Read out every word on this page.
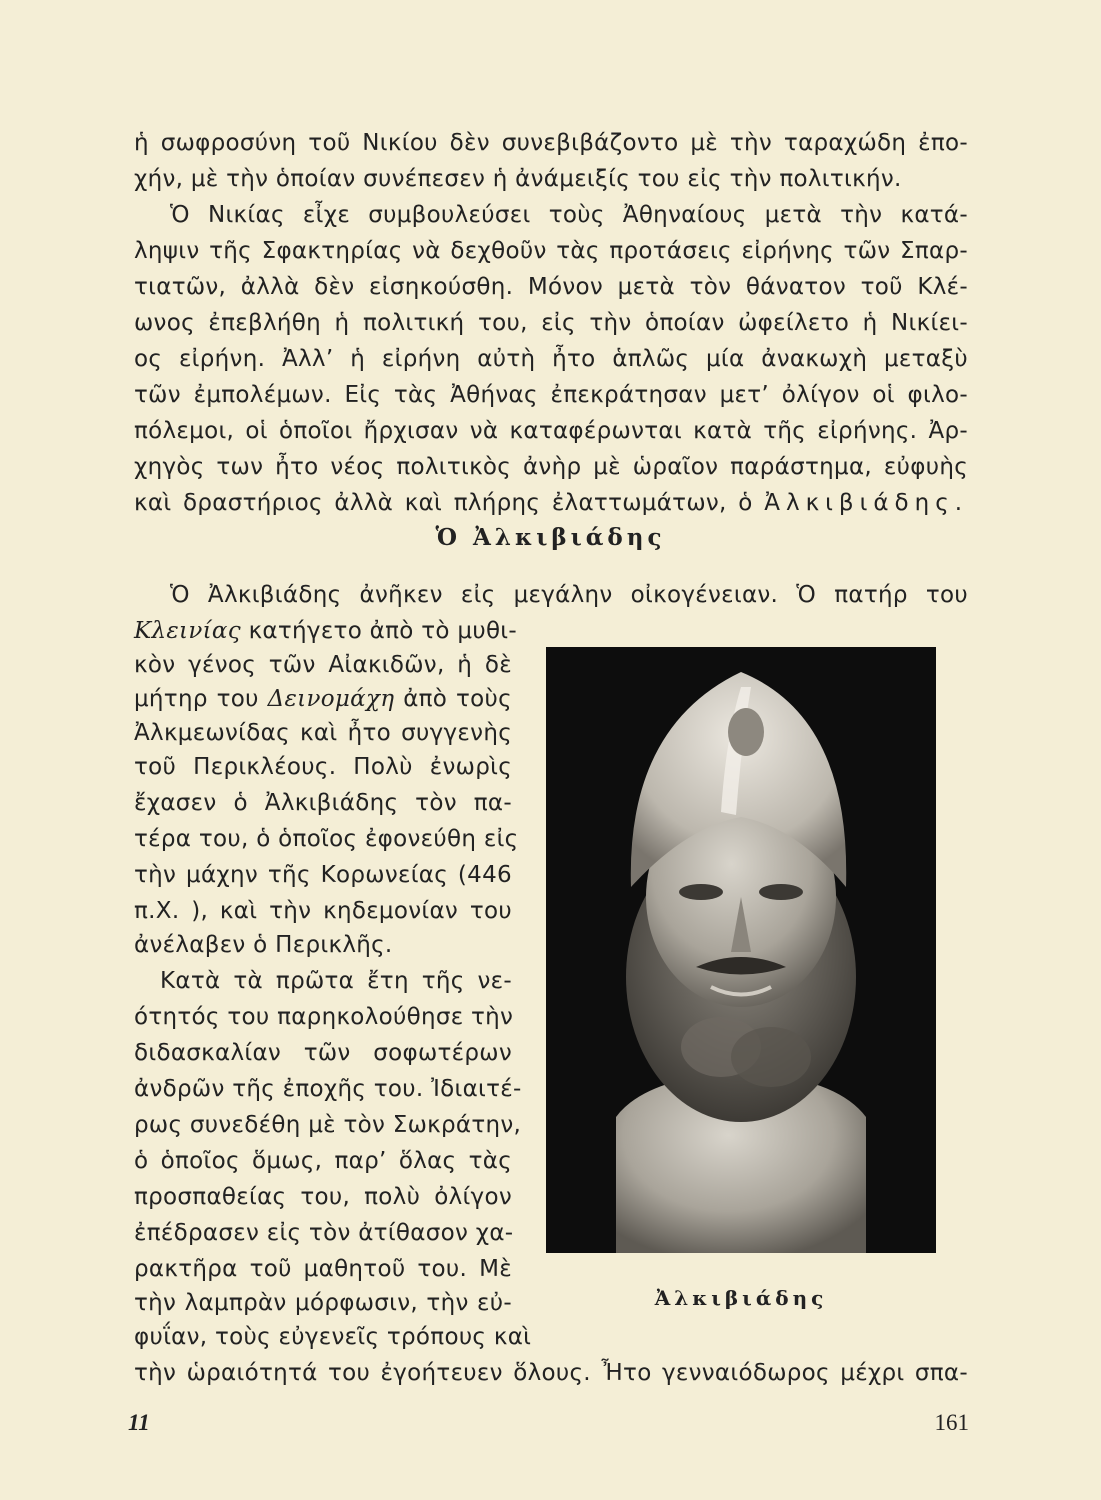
ἡ σωφροσύνη τοῦ Νικίου δὲν συνεβιβάζοντο μὲ τὴν ταραχώδη ἐπο-
χήν, μὲ τὴν ὁποίαν συνέπεσεν ἡ ἀνάμειξίς του εἰς τὴν πολιτικήν.
Ὁ Νικίας εἶχε συμβουλεύσει τοὺς Ἀθηναίους μετὰ τὴν κατά-
ληψιν τῆς Σφακτηρίας νὰ δεχθοῦν τὰς προτάσεις εἰρήνης τῶν Σπαρ-
τιατῶν, ἀλλὰ δὲν εἰσηκούσθη. Μόνον μετὰ τὸν θάνατον τοῦ Κλέ-
ωνος ἐπεβλήθη ἡ πολιτική του, εἰς τὴν ὁποίαν ὠφείλετο ἡ Νικίει-
ος εἰρήνη. Ἀλλ’ ἡ εἰρήνη αὐτὴ ἦτο ἁπλῶς μία ἀνακωχὴ μεταξὺ
τῶν ἐμπολέμων. Εἰς τὰς Ἀθήνας ἐπεκράτησαν μετ’ ὀλίγον οἱ φιλο-
πόλεμοι, οἱ ὁποῖοι ἤρχισαν νὰ καταφέρωνται κατὰ τῆς εἰρήνης. Ἀρ-
χηγὸς των ἦτο νέος πολιτικὸς ἀνὴρ μὲ ὡραῖον παράστημα, εὐφυὴς
καὶ δραστήριος ἀλλὰ καὶ πλήρης ἐλαττωμάτων, ὁ Ἀλκιβιάδης.
Ὁ Ἀλκιβιάδης
Ὁ Ἀλκιβιάδης ἀνῆκεν εἰς μεγάλην οἰκογένειαν. Ὁ πατήρ του
Κλεινίας κατήγετο ἀπὸ τὸ μυθι-
κὸν γένος τῶν Αἰακιδῶν, ἡ δὲ
μήτηρ του Δεινομάχη ἀπὸ τοὺς
Ἀλκμεωνίδας καὶ ἦτο συγγενὴς
τοῦ Περικλέους. Πολὺ ἐνωρὶς
ἔχασεν ὁ Ἀλκιβιάδης τὸν πα-
τέρα του, ὁ ὁποῖος ἐφονεύθη εἰς
τὴν μάχην τῆς Κορωνείας (446
π.Χ. ), καὶ τὴν κηδεμονίαν του
ἀνέλαβεν ὁ Περικλῆς.
Κατὰ τὰ πρῶτα ἔτη τῆς νε-
ότητός του παρηκολούθησε τὴν
διδασκαλίαν τῶν σοφωτέρων
ἀνδρῶν τῆς ἐποχῆς του. Ἰδιαιτέ-
ρως συνεδέθη μὲ τὸν Σωκράτην,
ὁ ὁποῖος ὅμως, παρ’ ὅλας τὰς
προσπαθείας του, πολὺ ὀλίγον
ἐπέδρασεν εἰς τὸν ἀτίθασον χα-
ρακτῆρα τοῦ μαθητοῦ του. Μὲ
τὴν λαμπρὰν μόρφωσιν, τὴν εὐ-
φυΐαν, τοὺς εὐγενεῖς τρόπους καὶ
τὴν ὡραιότητά του ἐγοήτευεν ὅλους. Ἦτο γενναιόδωρος μέχρι σπα-
Ἀλκιβιάδης
11	161
